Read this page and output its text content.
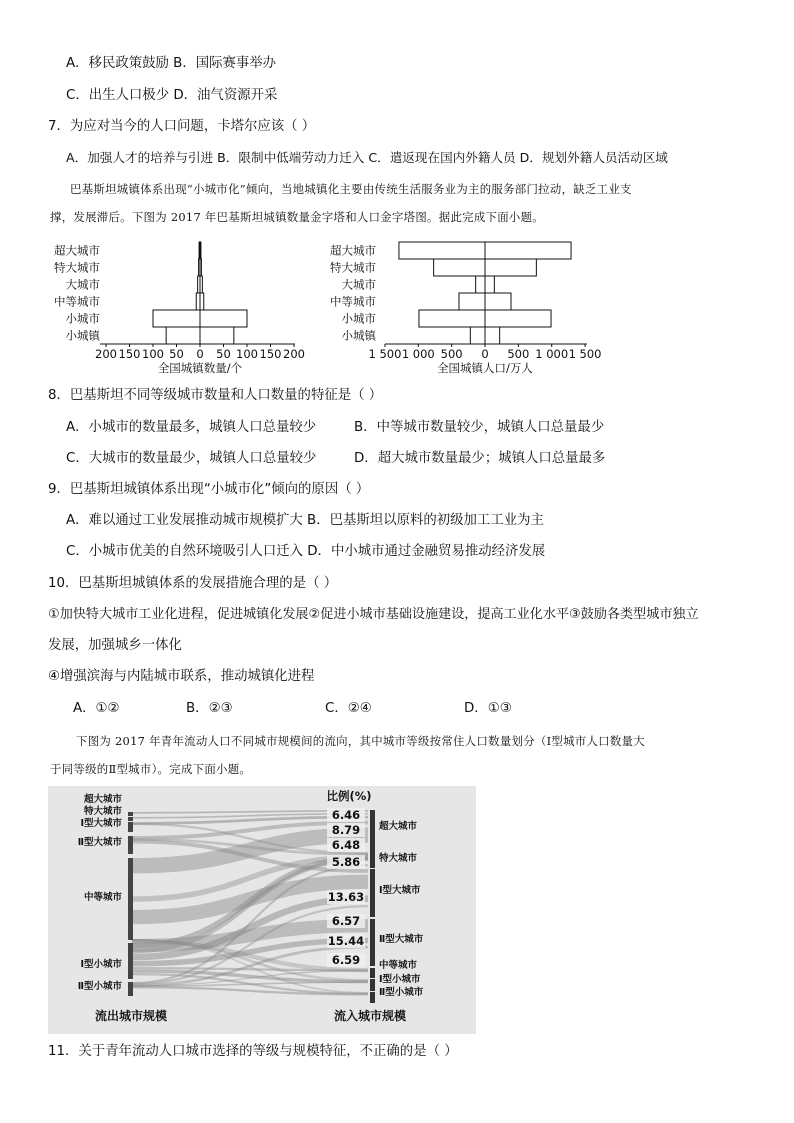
A．移民政策鼓励 B．国际赛事举办
C．出生人口极少 D．油气资源开采
7．为应对当今的人口问题，卡塔尔应该（ ）
A．加强人才的培养与引进 B．限制中低端劳动力迁入 C．遣返现在国内外籍人员 D．规划外籍人员活动区域
巴基斯坦城镇体系出现“小城市化”倾向，当地城镇化主要由传统生活服务业为主的服务部门拉动，缺乏工业支
撑，发展滞后。下图为 2017 年巴基斯坦城镇数量金字塔和人口金字塔图。据此完成下面小题。
超大城市
特大城市
大城市
中等城市
小城市
小城镇
200 150 100 50 0 50 100 150 200
全国城镇数量/个
超大城市
特大城市
大城市
中等城市
小城市
小城镇
1 500 1 000 500 0 500 1 000 1 500
全国城镇人口/万人
8．巴基斯坦不同等级城市数量和人口数量的特征是（ ）
A．小城市的数量最多，城镇人口总量较少	B．中等城市数量较少，城镇人口总量最少
C．大城市的数量最少，城镇人口总量较少	D．超大城市数量最少；城镇人口总量最多
9．巴基斯坦城镇体系出现“小城市化”倾向的原因（ ）
A．难以通过工业发展推动城市规模扩大 B．巴基斯坦以原料的初级加工工业为主
C．小城市优美的自然环境吸引人口迁入 D．中小城市通过金融贸易推动经济发展
10．巴基斯坦城镇体系的发展措施合理的是（ ）
①加快特大城市工业化进程，促进城镇化发展②促进小城市基础设施建设，提高工业化水平③鼓励各类型城市独立
发展，加强城乡一体化
④增强滨海与内陆城市联系，推动城镇化进程
A．①②	B．②③	C．②④	D．①③
下图为 2017 年青年流动人口不同城市规模间的流向，其中城市等级按常住人口数量划分（Ⅰ型城市人口数量大
于同等级的Ⅱ型城市）。完成下面小题。
超大城市
特大城市
Ⅰ型大城市
Ⅱ型大城市
中等城市
Ⅰ型小城市
Ⅱ型小城市
超大城市
特大城市
Ⅰ型大城市
Ⅱ型大城市
中等城市
Ⅰ型小城市
Ⅱ型小城市
6.46
8.79
6.48
5.86
13.63
6.57
15.44
6.59
比例(%)
流出城市规模	流入城市规模
11．关于青年流动人口城市选择的等级与规模特征，不正确的是（ ）
